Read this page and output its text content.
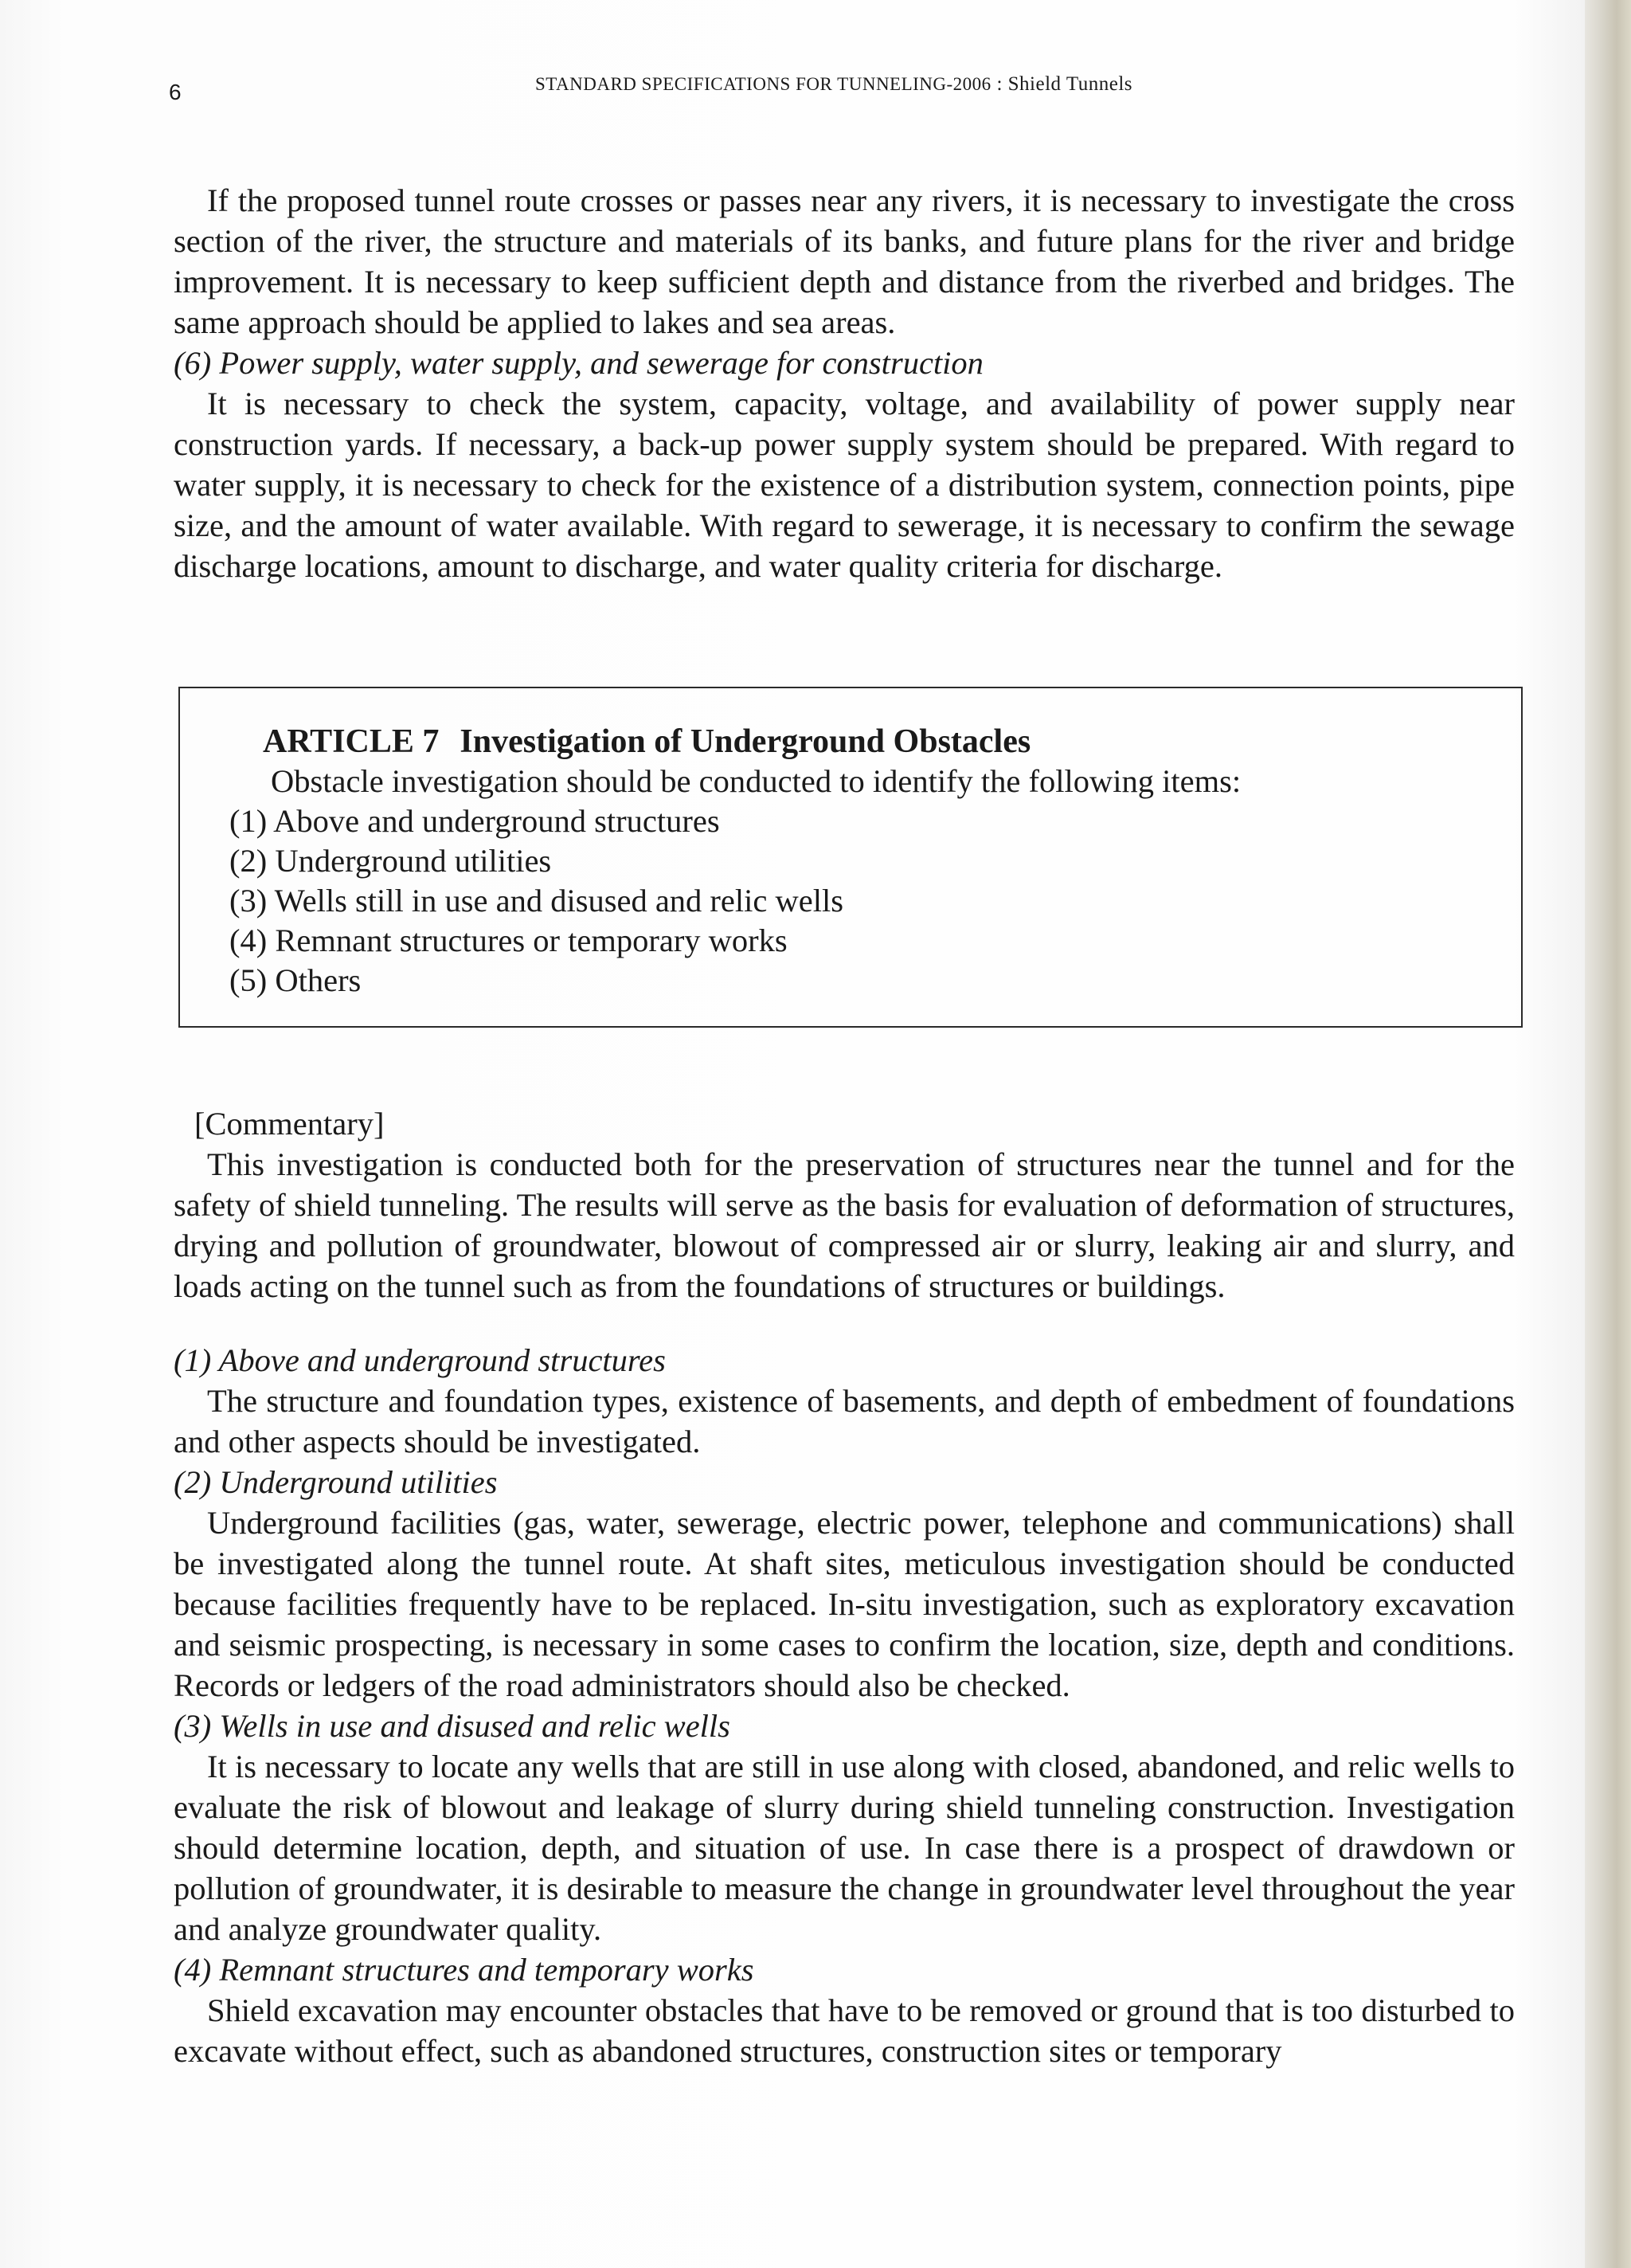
6	STANDARD SPECIFICATIONS FOR TUNNELING-2006 : Shield Tunnels

If the proposed tunnel route crosses or passes near any rivers, it is necessary to investigate the cross section of the river, the structure and materials of its banks, and future plans for the river and bridge improvement. It is necessary to keep sufficient depth and distance from the riverbed and bridges. The same approach should be applied to lakes and sea areas.

(6) Power supply, water supply, and sewerage for construction

It is necessary to check the system, capacity, voltage, and availability of power supply near construction yards. If necessary, a back-up power supply system should be prepared. With regard to water supply, it is necessary to check for the existence of a distribution system, connection points, pipe size, and the amount of water available. With regard to sewerage, it is necessary to confirm the sewage discharge locations, amount to discharge, and water quality criteria for discharge.

ARTICLE 7 Investigation of Underground Obstacles

Obstacle investigation should be conducted to identify the following items:

(1) Above and underground structures
(2) Underground utilities
(3) Wells still in use and disused and relic wells
(4) Remnant structures or temporary works
(5) Others
[Commentary]

This investigation is conducted both for the preservation of structures near the tunnel and for the safety of shield tunneling. The results will serve as the basis for evaluation of deformation of structures, drying and pollution of groundwater, blowout of compressed air or slurry, leaking air and slurry, and loads acting on the tunnel such as from the foundations of structures or buildings.

(1) Above and underground structures

The structure and foundation types, existence of basements, and depth of embedment of foundations and other aspects should be investigated.

(2) Underground utilities

Underground facilities (gas, water, sewerage, electric power, telephone and communications) shall be investigated along the tunnel route. At shaft sites, meticulous investigation should be conducted because facilities frequently have to be replaced. In-situ investigation, such as exploratory excavation and seismic prospecting, is necessary in some cases to confirm the location, size, depth and conditions. Records or ledgers of the road administrators should also be checked.

(3) Wells in use and disused and relic wells

It is necessary to locate any wells that are still in use along with closed, abandoned, and relic wells to evaluate the risk of blowout and leakage of slurry during shield tunneling construction. Investigation should determine location, depth, and situation of use. In case there is a prospect of drawdown or pollution of groundwater, it is desirable to measure the change in groundwater level throughout the year and analyze groundwater quality.

(4) Remnant structures and temporary works

Shield excavation may encounter obstacles that have to be removed or ground that is too disturbed to excavate without effect, such as abandoned structures, construction sites or temporary
